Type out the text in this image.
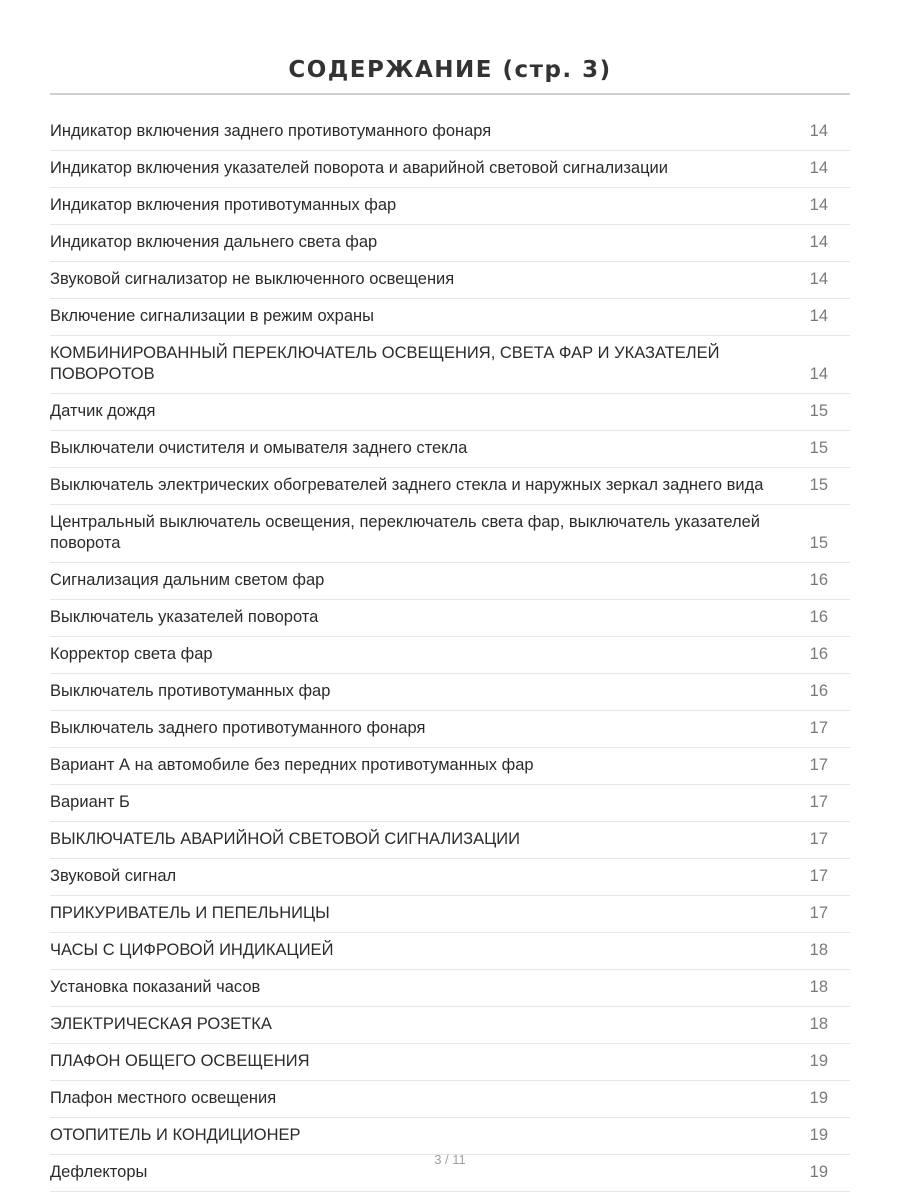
СОДЕРЖАНИЕ (стр. 3)
Индикатор включения заднего противотуманного фонаря	14
Индикатор включения указателей поворота и аварийной световой сигнализации	14
Индикатор включения противотуманных фар	14
Индикатор включения дальнего света фар	14
Звуковой сигнализатор не выключенного освещения	14
Включение сигнализации в режим охраны	14
КОМБИНИРОВАННЫЙ ПЕРЕКЛЮЧАТЕЛЬ ОСВЕЩЕНИЯ, СВЕТА ФАР И УКАЗАТЕЛЕЙ ПОВОРОТОВ	14
Датчик дождя	15
Выключатели очистителя и омывателя заднего стекла	15
Выключатель электрических обогревателей заднего стекла и наружных зеркал заднего вида	15
Центральный выключатель освещения, переключатель света фар, выключатель указателей поворота	15
Сигнализация дальним светом фар	16
Выключатель указателей поворота	16
Корректор света фар	16
Выключатель противотуманных фар	16
Выключатель заднего противотуманного фонаря	17
Вариант А на автомобиле без передних противотуманных фар	17
Вариант Б	17
ВЫКЛЮЧАТЕЛЬ АВАРИЙНОЙ СВЕТОВОЙ СИГНАЛИЗАЦИИ	17
Звуковой сигнал	17
ПРИКУРИВАТЕЛЬ И ПЕПЕЛЬНИЦЫ	17
ЧАСЫ С ЦИФРОВОЙ ИНДИКАЦИЕЙ	18
Установка показаний часов	18
ЭЛЕКТРИЧЕСКАЯ РОЗЕТКА	18
ПЛАФОН ОБЩЕГО ОСВЕЩЕНИЯ	19
Плафон местного освещения	19
ОТОПИТЕЛЬ И КОНДИЦИОНЕР	19
Дефлекторы	19
3 / 11
